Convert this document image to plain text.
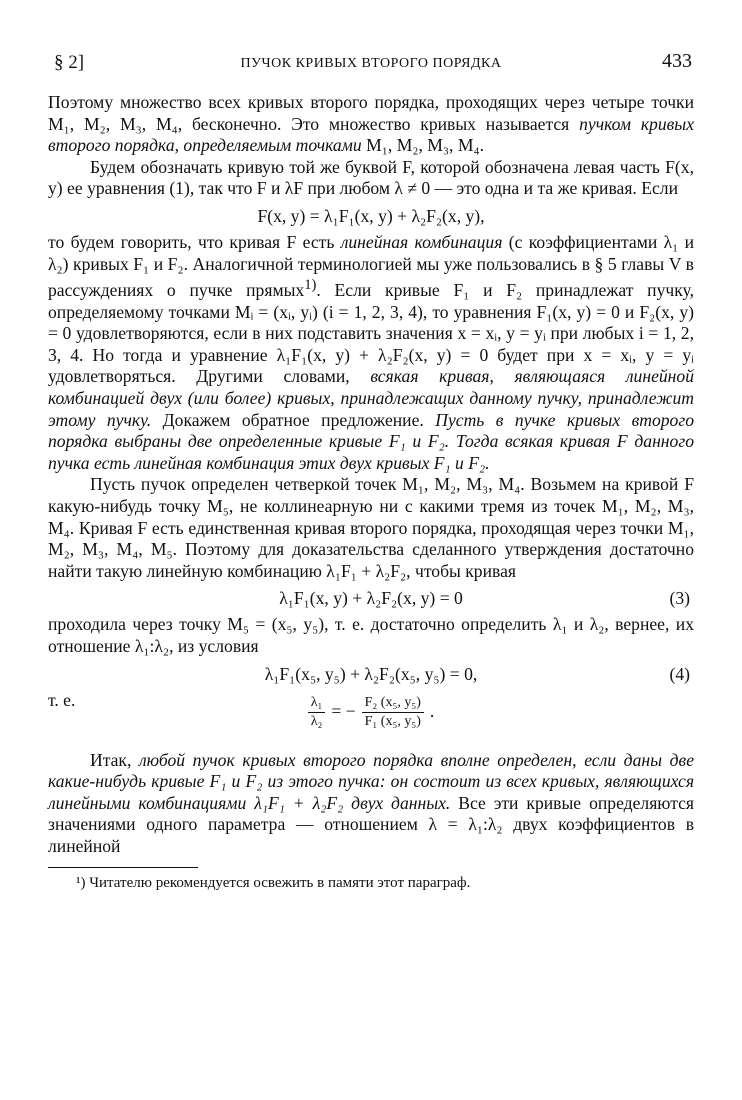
§ 2]	ПУЧОК КРИВЫХ ВТОРОГО ПОРЯДКА	433

Поэтому множество всех кривых второго порядка, проходящих через четыре точки M₁, M₂, M₃, M₄, бесконечно. Это множество кривых называется пучком кривых второго порядка, определяемым точками M₁, M₂, M₃, M₄.

Будем обозначать кривую той же буквой F, которой обозначена левая часть F(x, y) ее уравнения (1), так что F и λF при любом λ ≠ 0 — это одна и та же кривая. Если

F(x, y) = λ₁F₁(x, y) + λ₂F₂(x, y),

то будем говорить, что кривая F есть линейная комбинация (с коэффициентами λ₁ и λ₂) кривых F₁ и F₂. Аналогичной терминологией мы уже пользовались в § 5 главы V в рассуждениях о пучке прямых$^{1)}$. Если кривые F₁ и F₂ принадлежат пучку, определяемому точками Mᵢ = (xᵢ, yᵢ) (i = 1, 2, 3, 4), то уравнения F₁(x, y) = 0 и F₂(x, y) = 0 удовлетворяются, если в них подставить значения x = xᵢ, y = yᵢ при любых i = 1, 2, 3, 4. Но тогда и уравнение λ₁F₁(x, y) + λ₂F₂(x, y) = 0 будет при x = xᵢ, y = yᵢ удовлетворяться. Другими словами, всякая кривая, являющаяся линейной комбинацией двух (или более) кривых, принадлежащих данному пучку, принадлежит этому пучку. Докажем обратное предложение. Пусть в пучке кривых второго порядка выбраны две определенные кривые F₁ и F₂. Тогда всякая кривая F данного пучка есть линейная комбинация этих двух кривых F₁ и F₂.

Пусть пучок определен четверкой точек M₁, M₂, M₃, M₄. Возьмем на кривой F какую-нибудь точку M₅, не коллинеарную ни с какими тремя из точек M₁, M₂, M₃, M₄. Кривая F есть единственная кривая второго порядка, проходящая через точки M₁, M₂, M₃, M₄, M₅. Поэтому для доказательства сделанного утверждения достаточно найти такую линейную комбинацию λ₁F₁ + λ₂F₂, чтобы кривая

λ₁F₁(x, y) + λ₂F₂(x, y) = 0	(3)

проходила через точку M₅ = (x₅, y₅), т. е. достаточно определить λ₁ и λ₂, вернее, их отношение λ₁:λ₂, из условия

λ₁F₁(x₅, y₅) + λ₂F₂(x₅, y₅) = 0,	(4)
т. е.	$\frac{\text{λ₁}}{\text{λ₂}}$ = − $\frac{\text{F₂ (x₅, y₅)}}{\text{F₁ (x₅, y₅)}}$ .

Итак, любой пучок кривых второго порядка вполне определен, если даны две какие-нибудь кривые F₁ и F₂ из этого пучка: он состоит из всех кривых, являющихся линейными комбинациями λ₁F₁ + λ₂F₂ двух данных. Все эти кривые определяются значениями одного параметра — отношением λ = λ₁:λ₂ двух коэффициентов в линейной

¹) Читателю рекомендуется освежить в памяти этот параграф.
